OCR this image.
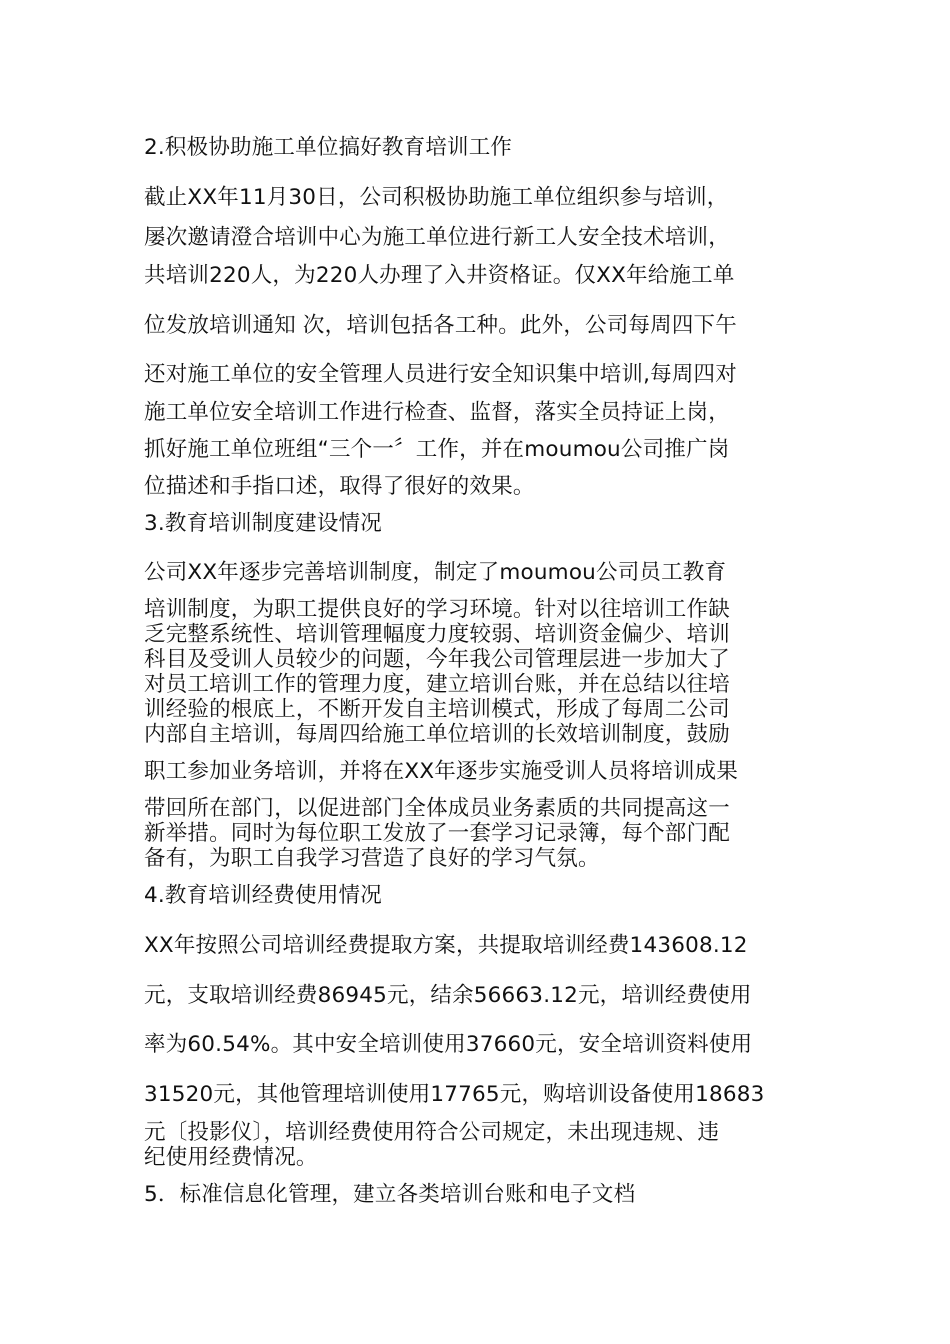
2.积极协助施工单位搞好教育培训工作
截止XX年11月30日，公司积极协助施工单位组织参与培训，
屡次邀请澄合培训中心为施工单位进行新工人安全技术培训，
共培训220人，为220人办理了入井资格证。仅XX年给施工单
位发放培训通知 次，培训包括各工种。此外，公司每周四下午
还对施工单位的安全管理人员进行安全知识集中培训,每周四对
施工单位安全培训工作进行检查、监督，落实全员持证上岗，
抓好施工单位班组“三个一〞工作，并在moumou公司推广岗
位描述和手指口述，取得了很好的效果。
3.教育培训制度建设情况
公司XX年逐步完善培训制度，制定了moumou公司员工教育
培训制度，为职工提供良好的学习环境。针对以往培训工作缺
乏完整系统性、培训管理幅度力度较弱、培训资金偏少、培训
科目及受训人员较少的问题，今年我公司管理层进一步加大了
对员工培训工作的管理力度，建立培训台账，并在总结以往培
训经验的根底上，不断开发自主培训模式，形成了每周二公司
内部自主培训，每周四给施工单位培训的长效培训制度，鼓励
职工参加业务培训，并将在XX年逐步实施受训人员将培训成果
带回所在部门，以促进部门全体成员业务素质的共同提高这一
新举措。同时为每位职工发放了一套学习记录簿，每个部门配
备有，为职工自我学习营造了良好的学习气氛。
4.教育培训经费使用情况
XX年按照公司培训经费提取方案，共提取培训经费143608.12
元，支取培训经费86945元，结余56663.12元，培训经费使用
率为60.54%。其中安全培训使用37660元，安全培训资料使用
31520元，其他管理培训使用17765元，购培训设备使用18683
元〔投影仪〕，培训经费使用符合公司规定，未出现违规、违
纪使用经费情况。
5．标准信息化管理，建立各类培训台账和电子文档
